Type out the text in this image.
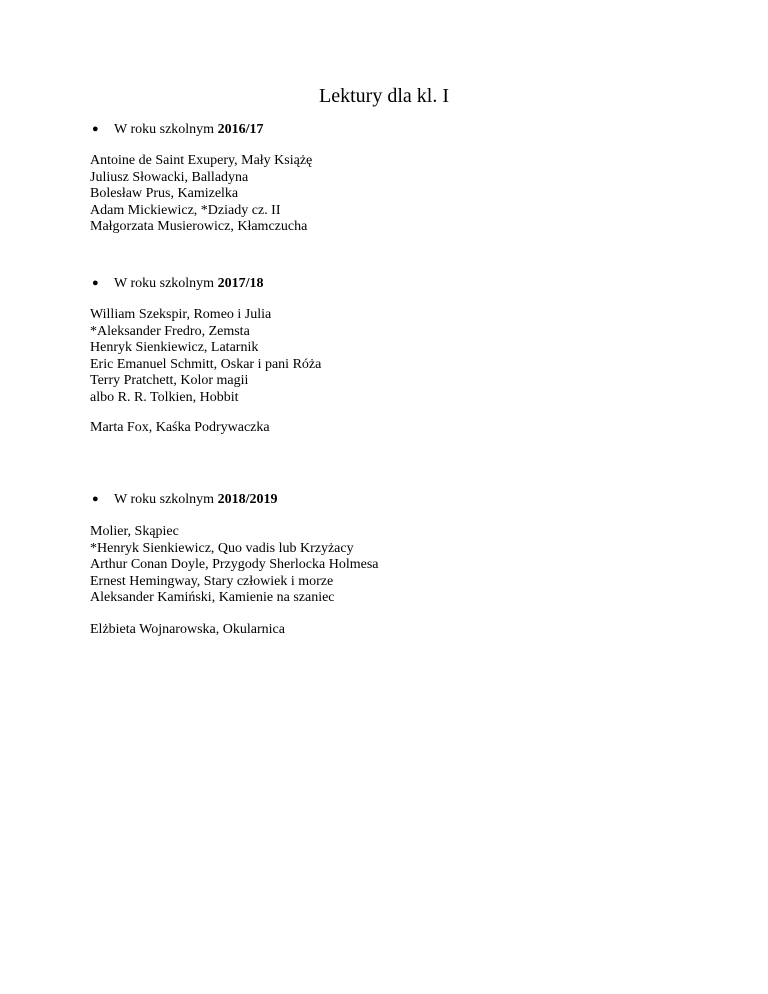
Lektury dla kl. I
● W roku szkolnym 2016/17
Antoine de Saint Exupery, Mały Książę
Juliusz Słowacki, Balladyna
Bolesław Prus, Kamizelka
Adam Mickiewicz, *Dziady cz. II
Małgorzata Musierowicz, Kłamczucha
● W roku szkolnym 2017/18
William Szekspir, Romeo i Julia
*Aleksander Fredro, Zemsta
Henryk Sienkiewicz, Latarnik
Eric Emanuel Schmitt, Oskar i pani Róża
Terry Pratchett, Kolor magii
albo R. R. Tolkien, Hobbit
Marta Fox, Kaśka Podrywaczka
● W roku szkolnym 2018/2019
Molier, Skąpiec
*Henryk Sienkiewicz, Quo vadis lub Krzyżacy
Arthur Conan Doyle, Przygody Sherlocka Holmesa
Ernest Hemingway, Stary człowiek i morze
Aleksander Kamiński, Kamienie na szaniec
Elżbieta Wojnarowska, Okularnica
